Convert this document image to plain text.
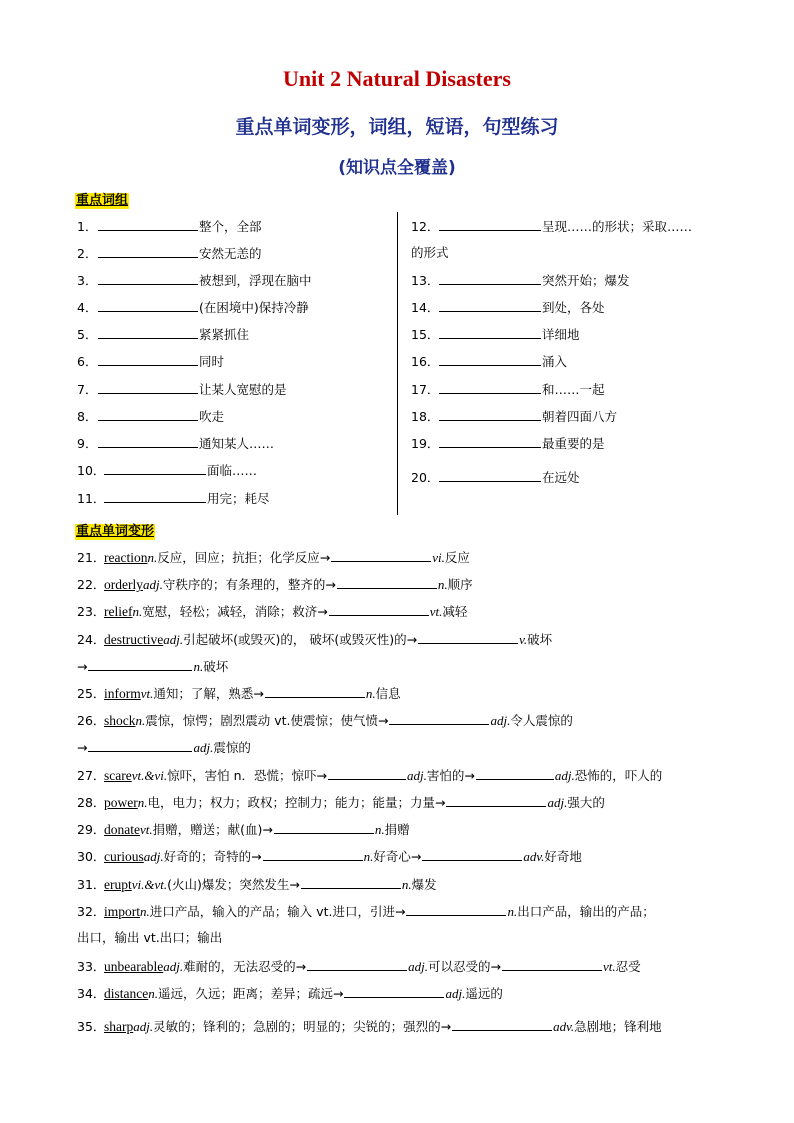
Unit 2 Natural Disasters
重点单词变形，词组，短语，句型练习
(知识点全覆盖)
重点词组
1．	整个，全部
2．	安然无恙的
3．	被想到，浮现在脑中
4．	(在困境中)保持冷静
5．	紧紧抓住
6．	同时
7．	让某人宽慰的是
8．	吹走
9．	通知某人……
10．	面临……
11．	用完；耗尽
12．	呈现……的形状；采取……
的形式
13．	突然开始；爆发
14．	到处，各处
15．	详细地
16．	涌入
17．	和……一起
18．	朝着四面八方
19．	最重要的是
20．	在远处
重点单词变形
21．reactionn.反应，回应；抗拒；化学反应→	vi.反应
22．orderlyadj.守秩序的；有条理的，整齐的→	n.顺序
23．reliefn.宽慰，轻松；减轻，消除；救济→	vt.减轻
24．destructiveadj.引起破坏(或毁灭)的， 破坏(或毁灭性)的→	v.破坏
→	n.破坏
25．informvt.通知；了解，熟悉→	n.信息
26．shockn.震惊，惊愕；剧烈震动 vt.使震惊；使气愤→	adj.令人震惊的
→	adj.震惊的
27．scarevt.&vi.惊吓，害怕 n．恐慌；惊吓→	adj.害怕的→	adj.恐怖的，吓人的
28．powern.电，电力；权力；政权；控制力；能力；能量；力量→	adj.强大的
29．donatevt.捐赠，赠送；献(血)→	n.捐赠
30．curiousadj.好奇的；奇特的→	n.好奇心→	adv.好奇地
31．eruptvi.&vt.(火山)爆发；突然发生→	n.爆发
32．importn.进口产品，输入的产品；输入 vt.进口，引进→	n.出口产品，输出的产品；
出口，输出 vt.出口；输出
33．unbearableadj.难耐的，无法忍受的→	adj.可以忍受的→	vt.忍受
34．distancen.遥远，久远；距离；差异；疏远→	adj.遥远的
35．sharpadj.灵敏的；锋利的；急剧的；明显的；尖锐的；强烈的→	adv.急剧地；锋利地
